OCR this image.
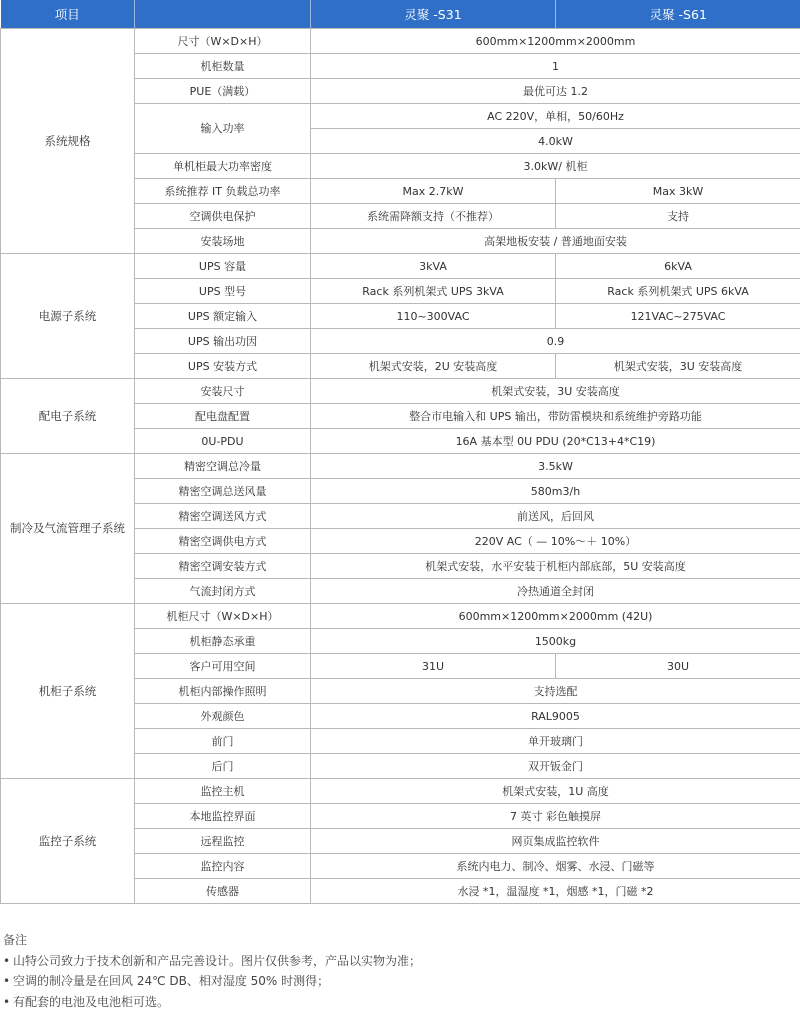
项目		灵聚 -S31	灵聚 -S61
系统规格	尺寸（W×D×H）	600mm×1200mm×2000mm	
	机柜数量	1	
	PUE（满载）	最优可达 1.2	
	输入功率	AC 220V，单相，50/60Hz	
		4.0kW	
	单机柜最大功率密度	3.0kW/ 机柜	
	系统推荐 IT 负载总功率	Max 2.7kW	Max 3kW
	空调供电保护	系统需降额支持（不推荐）	支持
	安装场地	高架地板安装 / 普通地面安装	
电源子系统	UPS 容量	3kVA	6kVA
	UPS 型号	Rack 系列机架式 UPS 3kVA	Rack 系列机架式 UPS 6kVA
	UPS 额定输入	110~300VAC	121VAC~275VAC
	UPS 输出功因	0.9	
	UPS 安装方式	机架式安装，2U 安装高度	机架式安装，3U 安装高度
配电子系统	安装尺寸	机架式安装，3U 安装高度	
	配电盘配置	整合市电输入和 UPS 输出，带防雷模块和系统维护旁路功能	
	0U-PDU	16A 基本型 0U PDU (20*C13+4*C19)	
制冷及气流管理子系统	精密空调总冷量	3.5kW	
	精密空调总送风量	580m3/h	
	精密空调送风方式	前送风，后回风	
	精密空调供电方式	220V AC（ — 10%～＋ 10%）	
	精密空调安装方式	机架式安装，水平安装于机柜内部底部，5U 安装高度	
	气流封闭方式	冷热通道全封闭	
机柜子系统	机柜尺寸（W×D×H）	600mm×1200mm×2000mm (42U)	
	机柜静态承重	1500kg	
	客户可用空间	31U	30U
	机柜内部操作照明	支持选配	
	外观颜色	RAL9005	
	前门	单开玻璃门	
	后门	双开钣金门	
监控子系统	监控主机	机架式安装，1U 高度	
	本地监控界面	7 英寸 彩色触摸屏	
	远程监控	网页集成监控软件	
	监控内容	系统内电力、制冷、烟雾、水浸、门磁等	
	传感器	水浸 *1，温湿度 *1，烟感 *1，门磁 *2	
备注
• 山特公司致力于技术创新和产品完善设计。图片仅供参考，产品以实物为准；
• 空调的制冷量是在回风 24℃ DB、相对湿度 50% 时测得；
• 有配套的电池及电池柜可选。
